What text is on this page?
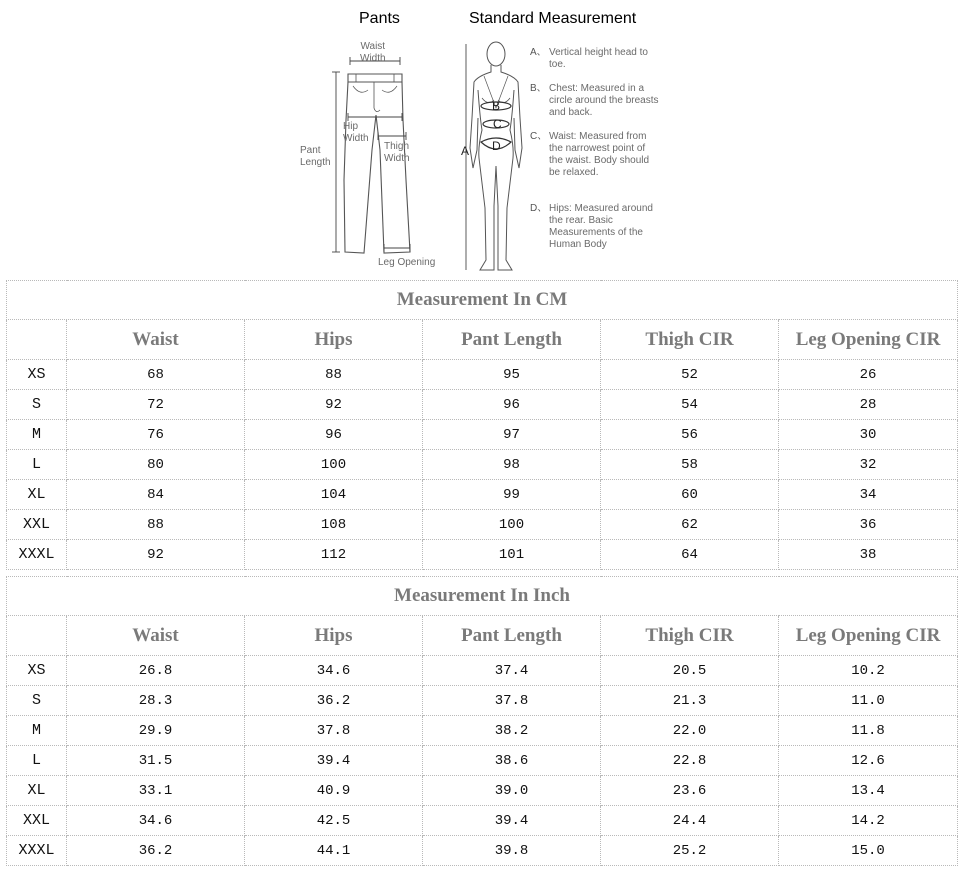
Pants	Standard Measurement
Waist
Width
Hip
Width
Pant
Length
Thigh
Width
Leg Opening
A
B
C
D
A、 Vertical height head to toe.
B、 Chest: Measured in a circle around the breasts and back.
C、 Waist: Measured from the narrowest point of the waist. Body should be relaxed.
D、 Hips: Measured around the rear. Basic Measurements of the Human Body
Measurement In CM					
	Waist	Hips	Pant Length	Thigh CIR	Leg Opening CIR
XS	68	88	95	52	26
S	72	92	96	54	28
M	76	96	97	56	30
L	80	100	98	58	32
XL	84	104	99	60	34
XXL	88	108	100	62	36
XXXL	92	112	101	64	38
Measurement In Inch					
	Waist	Hips	Pant Length	Thigh CIR	Leg Opening CIR
XS	26.8	34.6	37.4	20.5	10.2
S	28.3	36.2	37.8	21.3	11.0
M	29.9	37.8	38.2	22.0	11.8
L	31.5	39.4	38.6	22.8	12.6
XL	33.1	40.9	39.0	23.6	13.4
XXL	34.6	42.5	39.4	24.4	14.2
XXXL	36.2	44.1	39.8	25.2	15.0
